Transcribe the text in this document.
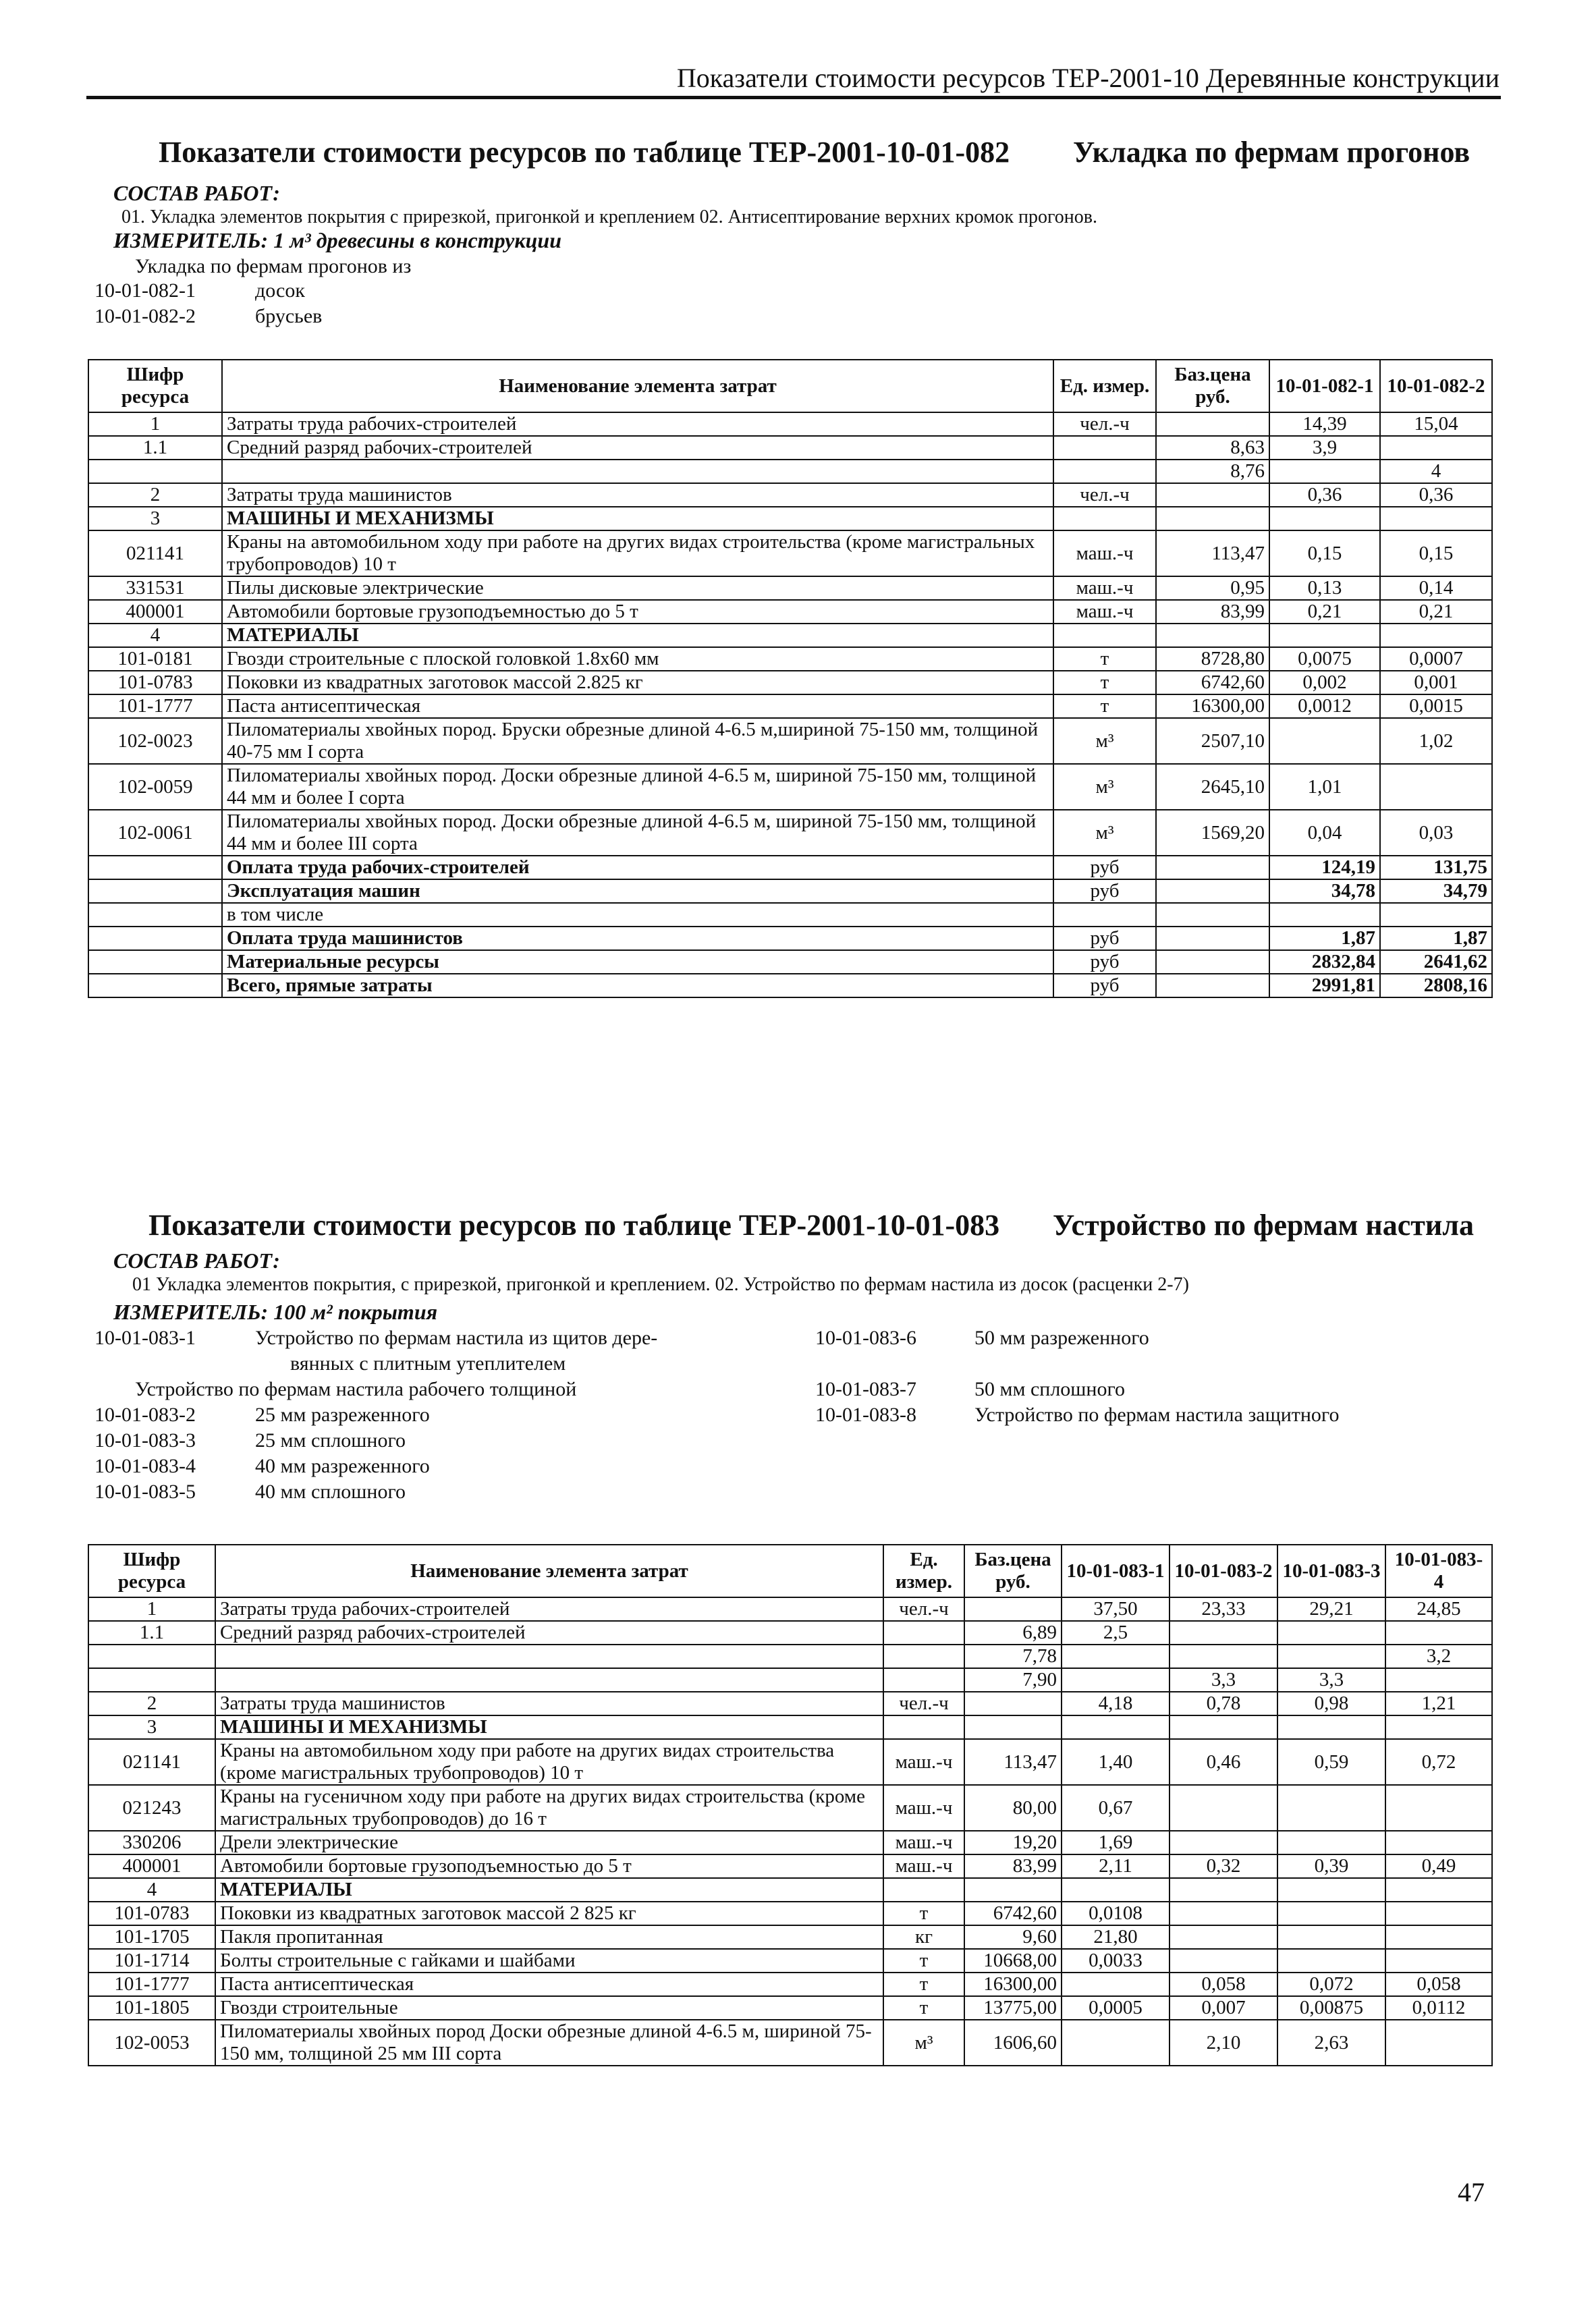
Показатели стоимости ресурсов ТЕР-2001-10 Деревянные конструкции
Показатели стоимости ресурсов по таблице ТЕР-2001-10-01-082 Укладка по фермам прогонов
СОСТАВ РАБОТ:
01. Укладка элементов покрытия с прирезкой, пригонкой и креплением 02. Антисептирование верхних кромок прогонов.
ИЗМЕРИТЕЛЬ: 1 м³ древесины в конструкции
Укладка по фермам прогонов из
10-01-082-1	досок
10-01-082-2	брусьев
Шифр ресурса	Наименование элемента затрат	Ед. измер.	Баз.цена руб.	10-01-082-1	10-01-082-2
1	Затраты труда рабочих-строителей	чел.-ч		14,39	15,04
1.1	Средний разряд рабочих-строителей		8,63	3,9	
			8,76		4
2	Затраты труда машинистов	чел.-ч		0,36	0,36
3	МАШИНЫ И МЕХАНИЗМЫ				
021141	Краны на автомобильном ходу при работе на других видах строительства (кроме магистральных трубопроводов) 10 т	маш.-ч	113,47	0,15	0,15
331531	Пилы дисковые электрические	маш.-ч	0,95	0,13	0,14
400001	Автомобили бортовые грузоподъемностью до 5 т	маш.-ч	83,99	0,21	0,21
4	МАТЕРИАЛЫ				
101-0181	Гвозди строительные с плоской головкой 1.8х60 мм	т	8728,80	0,0075	0,0007
101-0783	Поковки из квадратных заготовок массой 2.825 кг	т	6742,60	0,002	0,001
101-1777	Паста антисептическая	т	16300,00	0,0012	0,0015
102-0023	Пиломатериалы хвойных пород. Бруски обрезные длиной 4-6.5 м,шириной 75-150 мм, толщиной 40-75 мм I сорта	м³	2507,10		1,02
102-0059	Пиломатериалы хвойных пород. Доски обрезные длиной 4-6.5 м, шириной 75-150 мм, толщиной 44 мм и более I сорта	м³	2645,10	1,01	
102-0061	Пиломатериалы хвойных пород. Доски обрезные длиной 4-6.5 м, шириной 75-150 мм, толщиной 44 мм и более III сорта	м³	1569,20	0,04	0,03
	Оплата труда рабочих-строителей	руб		124,19	131,75
	Эксплуатация машин	руб		34,78	34,79
	в том числе				
	Оплата труда машинистов	руб		1,87	1,87
	Материальные ресурсы	руб		2832,84	2641,62
	Всего, прямые затраты	руб		2991,81	2808,16
Показатели стоимости ресурсов по таблице ТЕР-2001-10-01-083 Устройство по фермам настила
СОСТАВ РАБОТ:
01 Укладка элементов покрытия, с прирезкой, пригонкой и креплением. 02. Устройство по фермам настила из досок (расценки 2-7)
ИЗМЕРИТЕЛЬ: 100 м² покрытия
10-01-083-1	Устройство по фермам настила из щитов дере-
вянных с плитным утеплителем
Устройство по фермам настила рабочего толщиной
10-01-083-2	25 мм разреженного
10-01-083-3	25 мм сплошного
10-01-083-4	40 мм разреженного
10-01-083-5	40 мм сплошного
10-01-083-6	50 мм разреженного
10-01-083-7	50 мм сплошного
10-01-083-8	Устройство по фермам настила защитного
Шифр ресурса	Наименование элемента затрат	Ед. измер.	Баз.цена руб.	10-01-083-1	10-01-083-2	10-01-083-3	10-01-083-4
1	Затраты труда рабочих-строителей	чел.-ч		37,50	23,33	29,21	24,85
1.1	Средний разряд рабочих-строителей		6,89	2,5			
			7,78				3,2
			7,90		3,3	3,3	
2	Затраты труда машинистов	чел.-ч		4,18	0,78	0,98	1,21
3	МАШИНЫ И МЕХАНИЗМЫ						
021141	Краны на автомобильном ходу при работе на других видах строительства (кроме магистральных трубопроводов) 10 т	маш.-ч	113,47	1,40	0,46	0,59	0,72
021243	Краны на гусеничном ходу при работе на других видах строительства (кроме магистральных трубопроводов) до 16 т	маш.-ч	80,00	0,67			
330206	Дрели электрические	маш.-ч	19,20	1,69			
400001	Автомобили бортовые грузоподъемностью до 5 т	маш.-ч	83,99	2,11	0,32	0,39	0,49
4	МАТЕРИАЛЫ						
101-0783	Поковки из квадратных заготовок массой 2 825 кг	т	6742,60	0,0108			
101-1705	Пакля пропитанная	кг	9,60	21,80			
101-1714	Болты строительные с гайками и шайбами	т	10668,00	0,0033			
101-1777	Паста антисептическая	т	16300,00		0,058	0,072	0,058
101-1805	Гвозди строительные	т	13775,00	0,0005	0,007	0,00875	0,0112
102-0053	Пиломатериалы хвойных пород Доски обрезные длиной 4-6.5 м, шириной 75-150 мм, толщиной 25 мм III сорта	м³	1606,60		2,10	2,63	
47
